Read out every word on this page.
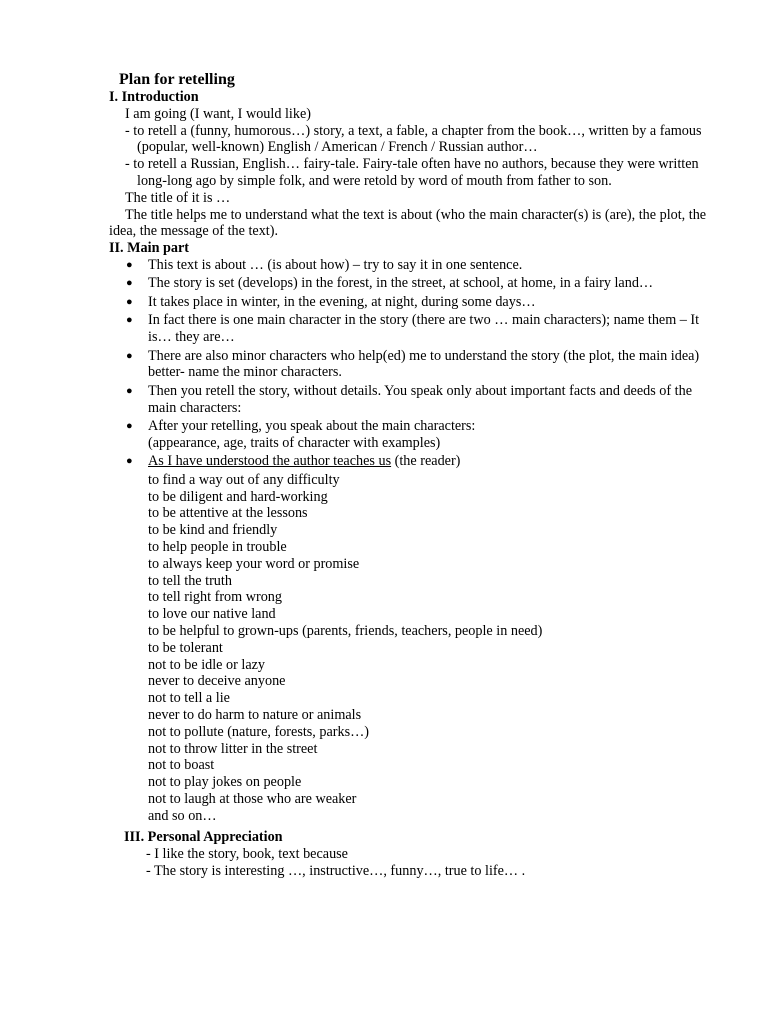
Plan for retelling
I. Introduction
I am going (I want, I would like)
- to retell a (funny, humorous…) story, a text, a fable, a chapter from the book…, written by a famous (popular, well-known) English / American / French / Russian author…
- to retell a Russian, English… fairy-tale. Fairy-tale often have no authors, because they were written long-long ago by simple folk, and were retold by word of mouth from father to son.
The title of it is …
The title helps me to understand what the text is about (who the main character(s) is (are), the plot, the idea, the message of the text).
II. Main part
● This text is about … (is about how) – try to say it in one sentence.
● The story is set (develops) in the forest, in the street, at school, at home, in a fairy land…
● It takes place in winter, in the evening, at night, during some days…
● In fact there is one main character in the story (there are two … main characters); name them – It is… they are…
● There are also minor characters who help(ed) me to understand the story (the plot, the main idea) better- name the minor characters.
● Then you retell the story, without details. You speak only about important facts and deeds of the main characters:
● After your retelling, you speak about the main characters:
(appearance, age, traits of character with examples)
● As I have understood the author teaches us (the reader)
to find a way out of any difficulty
to be diligent and hard-working
to be attentive at the lessons
to be kind and friendly
to help people in trouble
to always keep your word or promise
to tell the truth
to tell right from wrong
to love our native land
to be helpful to grown-ups (parents, friends, teachers, people in need)
to be tolerant
not to be idle or lazy
never to deceive anyone
not to tell a lie
never to do harm to nature or animals
not to pollute (nature, forests, parks…)
not to throw litter in the street
not to boast
not to play jokes on people
not to laugh at those who are weaker
and so on…
III. Personal Appreciation
- I like the story, book, text because
- The story is interesting …, instructive…, funny…, true to life… .
